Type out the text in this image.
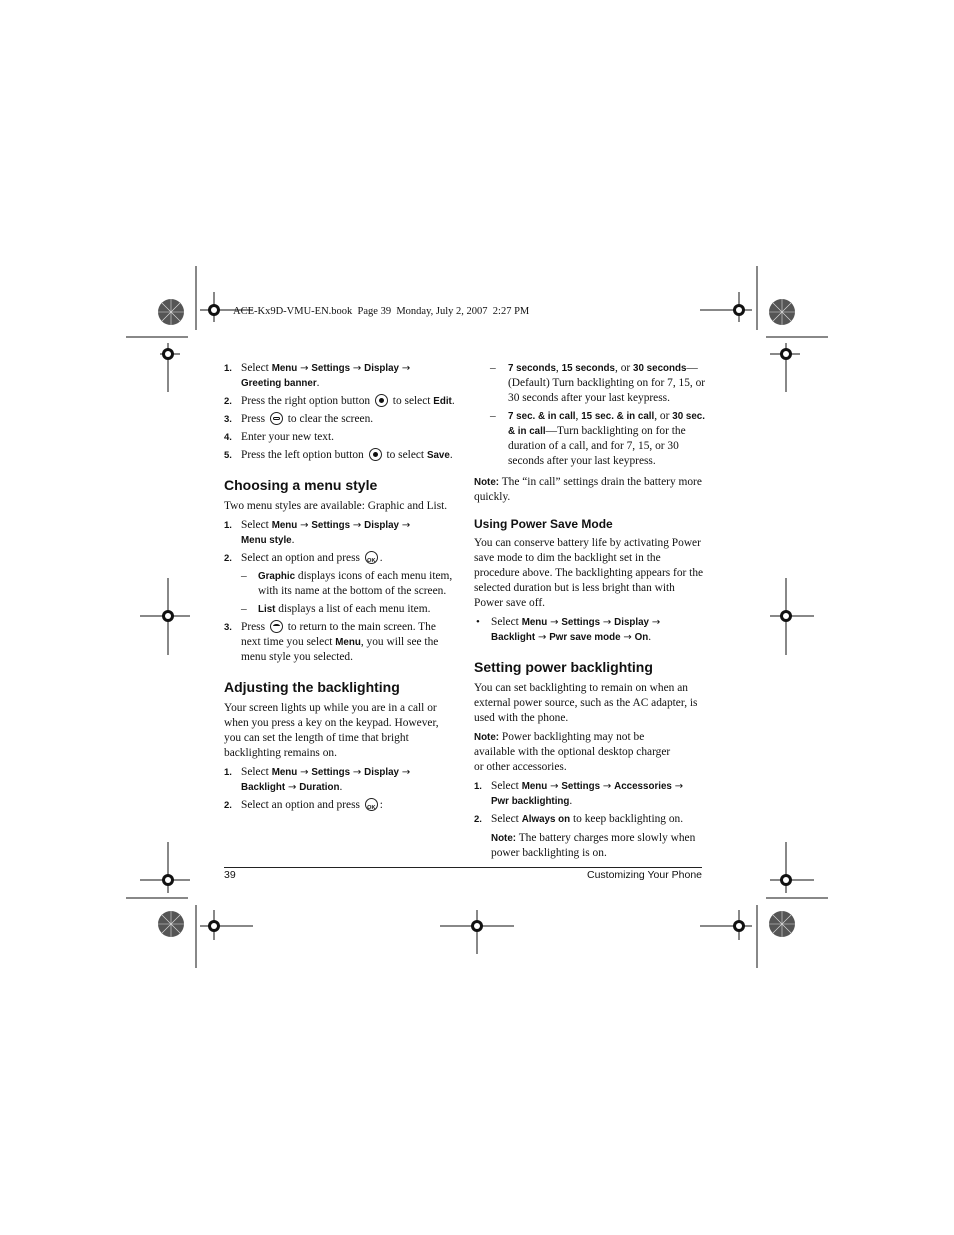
ACE-Kx9D-VMU-EN.book Page 39 Monday, July 2, 2007 2:27 PM
1. Select Menu → Settings → Display →
Greeting banner.
2. Press the right option button  to select Edit.
3. Press  to clear the screen.
4. Enter your new text.
5. Press the left option button  to select Save.
Choosing a menu style

Two menu styles are available: Graphic and List.

1. Select Menu → Settings → Display →
Menu style.
2. Select an option and press OK.
– Graphic displays icons of each menu item, with its name at the bottom of the screen.
– List displays a list of each menu item.
3. Press  to return to the main screen. The next time you select Menu, you will see the menu style you selected.
Adjusting the backlighting

Your screen lights up while you are in a call or when you press a key on the keypad. However, you can set the length of time that bright backlighting remains on.

1. Select Menu → Settings → Display →
Backlight → Duration.
2. Select an option and press OK:
– 7 seconds, 15 seconds, or 30 seconds—(Default) Turn backlighting on for 7, 15, or 30 seconds after your last keypress.
– 7 sec. & in call, 15 sec. & in call, or 30 sec. & in call—Turn backlighting on for the duration of a call, and for 7, 15, or 30 seconds after your last keypress.

Note: The “in call” settings drain the battery more quickly.

Using Power Save Mode

You can conserve battery life by activating Power save mode to dim the backlight set in the procedure above. The backlighting appears for the selected duration but is less bright than with Power save off.

• Select Menu → Settings → Display →
Backlight → Pwr save mode → On.
Setting power backlighting

You can set backlighting to remain on when an external power source, such as the AC adapter, is used with the phone.

Note: Power backlighting may not be available with the optional desktop charger or other accessories.

1. Select Menu → Settings → Accessories →
Pwr backlighting.
2. Select Always on to keep backlighting on.

Note: The battery charges more slowly when power backlighting is on.

39	Customizing Your Phone
